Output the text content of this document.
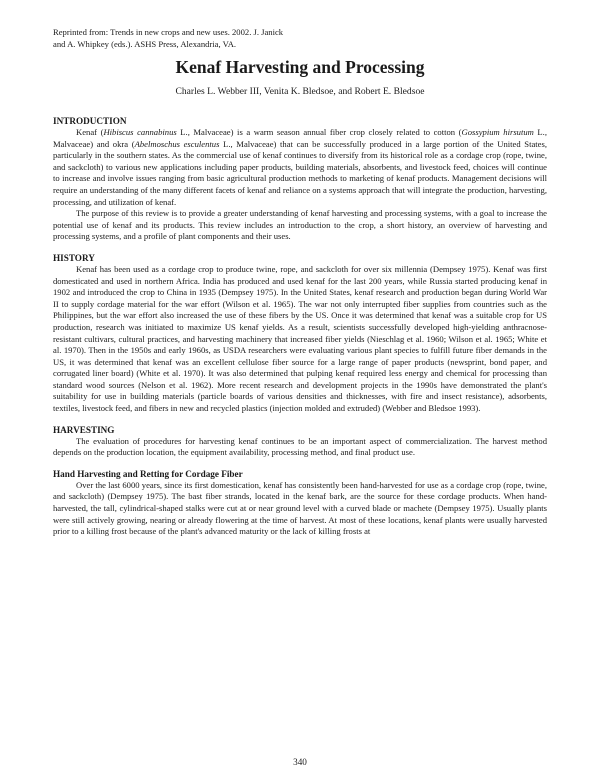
Reprinted from: Trends in new crops and new uses. 2002. J. Janick
and A. Whipkey (eds.). ASHS Press, Alexandria, VA.
Kenaf Harvesting and Processing
Charles L. Webber III, Venita K. Bledsoe, and Robert E. Bledsoe
INTRODUCTION

Kenaf (Hibiscus cannabinus L., Malvaceae) is a warm season annual fiber crop closely related to cotton (Gossypium hirsutum L., Malvaceae) and okra (Abelmoschus esculentus L., Malvaceae) that can be successfully produced in a large portion of the United States, particularly in the southern states. As the commercial use of kenaf continues to diversify from its historical role as a cordage crop (rope, twine, and sackcloth) to various new applications including paper products, building materials, absorbents, and livestock feed, choices will continue to increase and involve issues ranging from basic agricultural production methods to marketing of kenaf products. Management decisions will require an understanding of the many different facets of kenaf and reliance on a systems approach that will integrate the production, harvesting, processing, and utilization of kenaf.

The purpose of this review is to provide a greater understanding of kenaf harvesting and processing systems, with a goal to increase the potential use of kenaf and its products. This review includes an introduction to the crop, a short history, an overview of harvesting and processing systems, and a profile of plant components and their uses.

HISTORY

Kenaf has been used as a cordage crop to produce twine, rope, and sackcloth for over six millennia (Dempsey 1975). Kenaf was first domesticated and used in northern Africa. India has produced and used kenaf for the last 200 years, while Russia started producing kenaf in 1902 and introduced the crop to China in 1935 (Dempsey 1975). In the United States, kenaf research and production began during World War II to supply cordage material for the war effort (Wilson et al. 1965). The war not only interrupted fiber supplies from countries such as the Philippines, but the war effort also increased the use of these fibers by the US. Once it was determined that kenaf was a suitable crop for US production, research was initiated to maximize US kenaf yields. As a result, scientists successfully developed high-yielding anthracnose-resistant cultivars, cultural practices, and harvesting machinery that increased fiber yields (Nieschlag et al. 1960; Wilson et al. 1965; White et al. 1970). Then in the 1950s and early 1960s, as USDA researchers were evaluating various plant species to fulfill future fiber demands in the US, it was determined that kenaf was an excellent cellulose fiber source for a large range of paper products (newsprint, bond paper, and corrugated liner board) (White et al. 1970). It was also determined that pulping kenaf required less energy and chemical for processing than standard wood sources (Nelson et al. 1962). More recent research and development projects in the 1990s have demonstrated the plant's suitability for use in building materials (particle boards of various densities and thicknesses, with fire and insect resistance), adsorbents, textiles, livestock feed, and fibers in new and recycled plastics (injection molded and extruded) (Webber and Bledsoe 1993).

HARVESTING

The evaluation of procedures for harvesting kenaf continues to be an important aspect of commercialization. The harvest method depends on the production location, the equipment availability, processing method, and final product use.

Hand Harvesting and Retting for Cordage Fiber

Over the last 6000 years, since its first domestication, kenaf has consistently been hand-harvested for use as a cordage crop (rope, twine, and sackcloth) (Dempsey 1975). The bast fiber strands, located in the kenaf bark, are the source for these cordage products. When hand-harvested, the tall, cylindrical-shaped stalks were cut at or near ground level with a curved blade or machete (Dempsey 1975). Usually plants were still actively growing, nearing or already flowering at the time of harvest. At most of these locations, kenaf plants were usually harvested prior to a killing frost because of the plant's advanced maturity or the lack of killing frosts at

340
